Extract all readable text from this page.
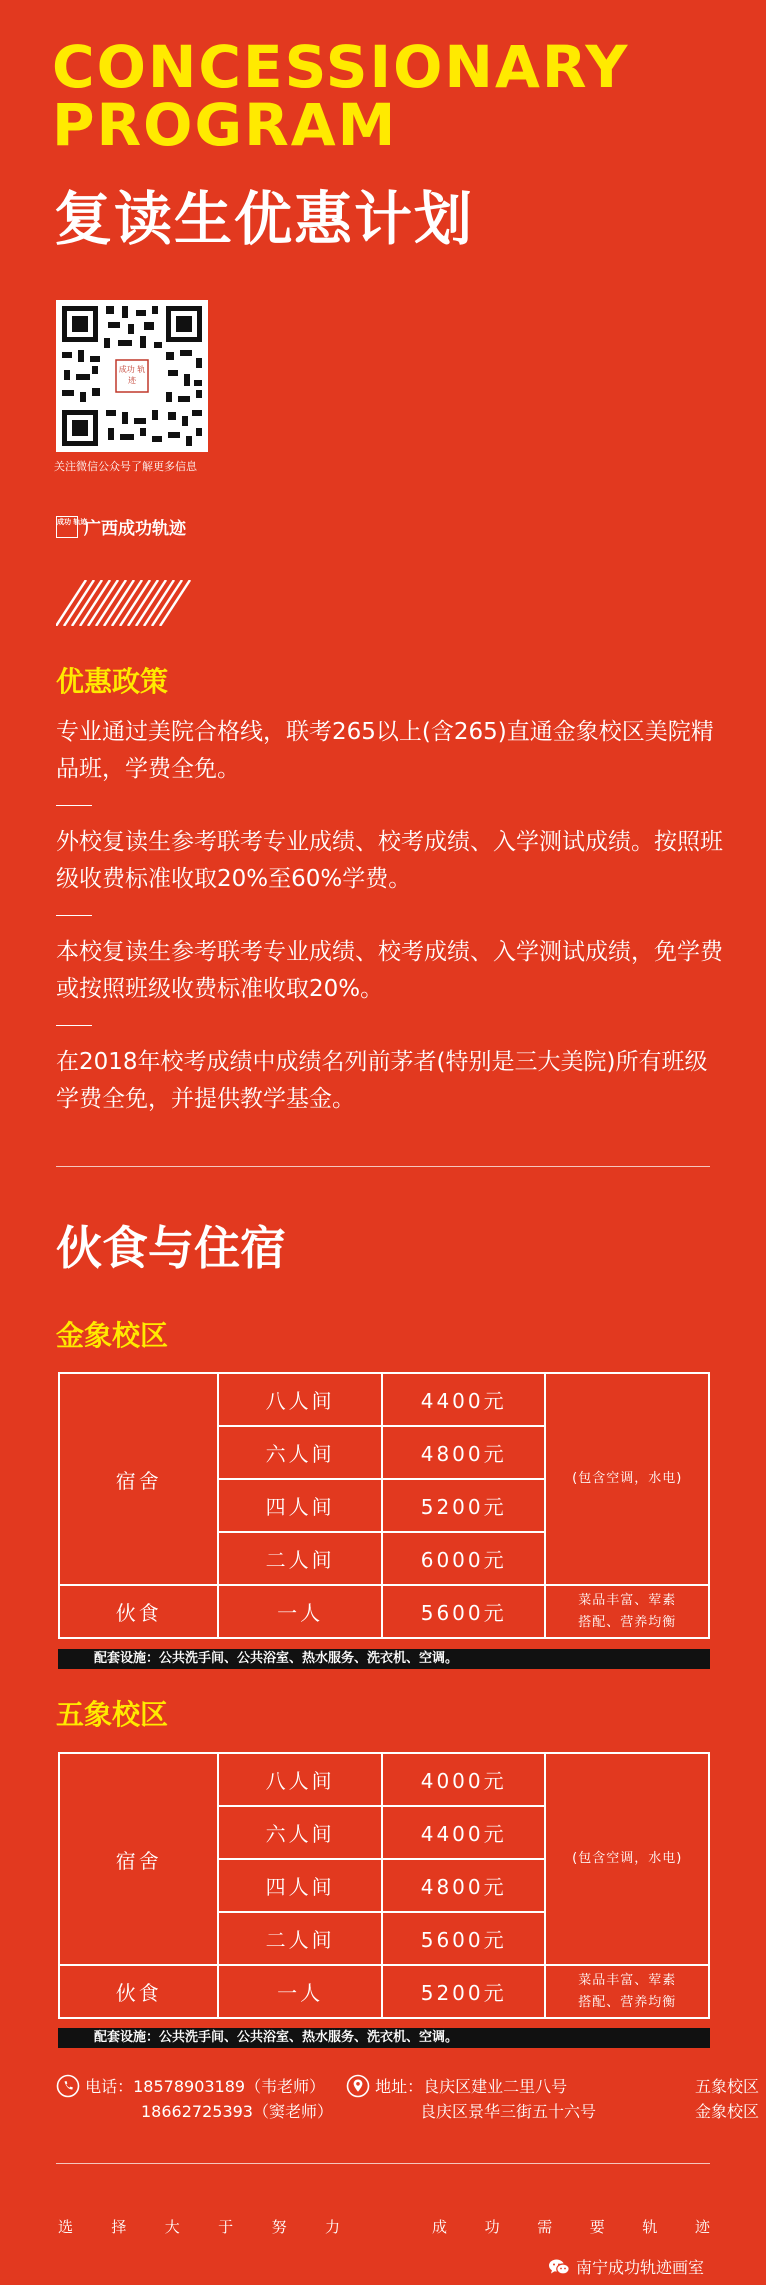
CONCESSIONARY
PROGRAM
复读生优惠计划
成功 轨迹
关注微信公众号了解更多信息
成功 轨迹
广西成功轨迹
优惠政策
专业通过美院合格线，联考265以上(含265)直通金象校区美院精品班，学费全免。
外校复读生参考联考专业成绩、校考成绩、入学测试成绩。按照班级收费标准收取20%至60%学费。
本校复读生参考联考专业成绩、校考成绩、入学测试成绩，免学费或按照班级收费标准收取20%。
在2018年校考成绩中成绩名列前茅者(特别是三大美院)所有班级学费全免，并提供教学基金。
伙食与住宿
金象校区
宿舍	八人间	4400元	(包含空调，水电)
	六人间	4800元	
	四人间	5200元	
	二人间	6000元	
伙食	一人	5600元	菜品丰富、荤素
搭配、营养均衡
配套设施：公共洗手间、公共浴室、热水服务、洗衣机、空调。
五象校区
宿舍	八人间	4000元	(包含空调，水电)
	六人间	4400元	
	四人间	4800元	
	二人间	5600元	
伙食	一人	5200元	菜品丰富、荤素
搭配、营养均衡
配套设施：公共洗手间、公共浴室、热水服务、洗衣机、空调。
电话：18578903189（韦老师）
18662725393（窦老师）
地址：良庆区建业二里八号	五象校区
良庆区景华三街五十六号	金象校区
选	择	大	于	努	力	成	功	需	要	轨	迹
南宁成功轨迹画室
